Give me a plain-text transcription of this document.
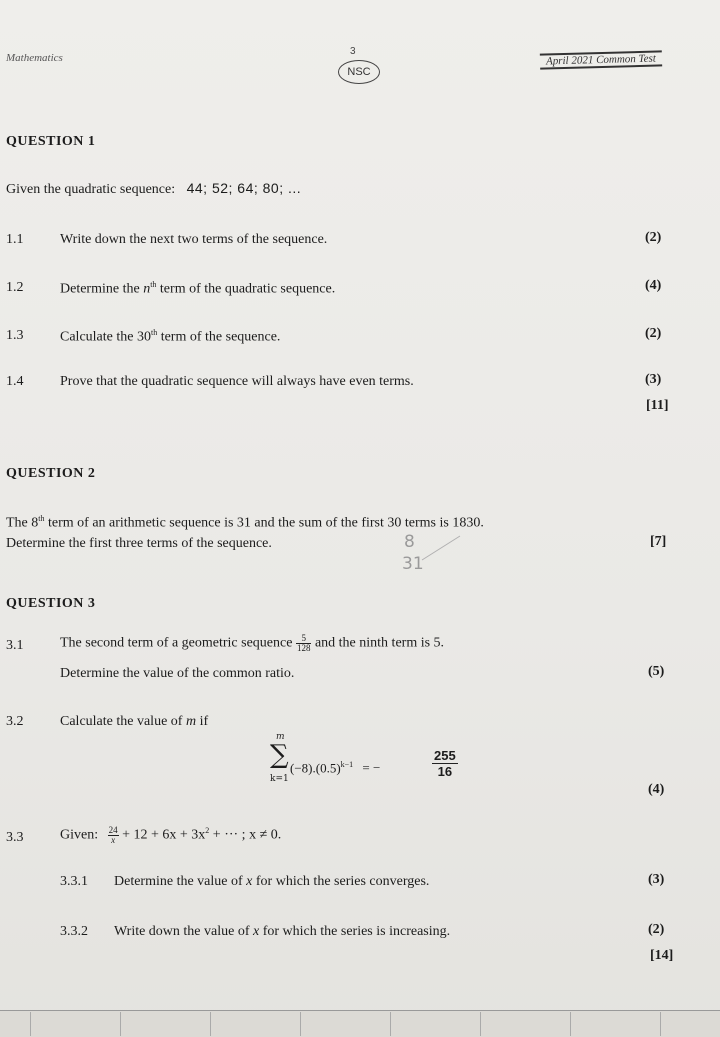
Mathematics
3
NSC
April 2021 Common Test
QUESTION 1
Given the quadratic sequence: 44; 52; 64; 80; ...
1.1	Write down the next two terms of the sequence.	(2)
1.2	Determine the $n^{th}$ term of the quadratic sequence.	(4)
1.3	Calculate the 30th term of the sequence.	(2)
1.4	Prove that the quadratic sequence will always have even terms.	(3)
[11]
QUESTION 2
The 8th term of an arithmetic sequence is 31 and the sum of the first 30 terms is 1830.
Determine the first three terms of the sequence.	[7]
8
31
QUESTION 3
3.1	The second term of a geometric sequence $\frac{5}{128}$ and the ninth term is 5.
Determine the value of the common ratio.	(5)
3.2	Calculate the value of m if
m
∑
k=1
$(-8).(0.5)^{k-1}$ = −
255
16
(4)
3.3	Given: $\frac{24}{x} + 12 + 6x + 3x^2$ + ··· ; x ≠ 0.
3.3.1 Determine the value of x for which the series converges.	(3)
3.3.2 Write down the value of x for which the series is increasing.	(2)
[14]
